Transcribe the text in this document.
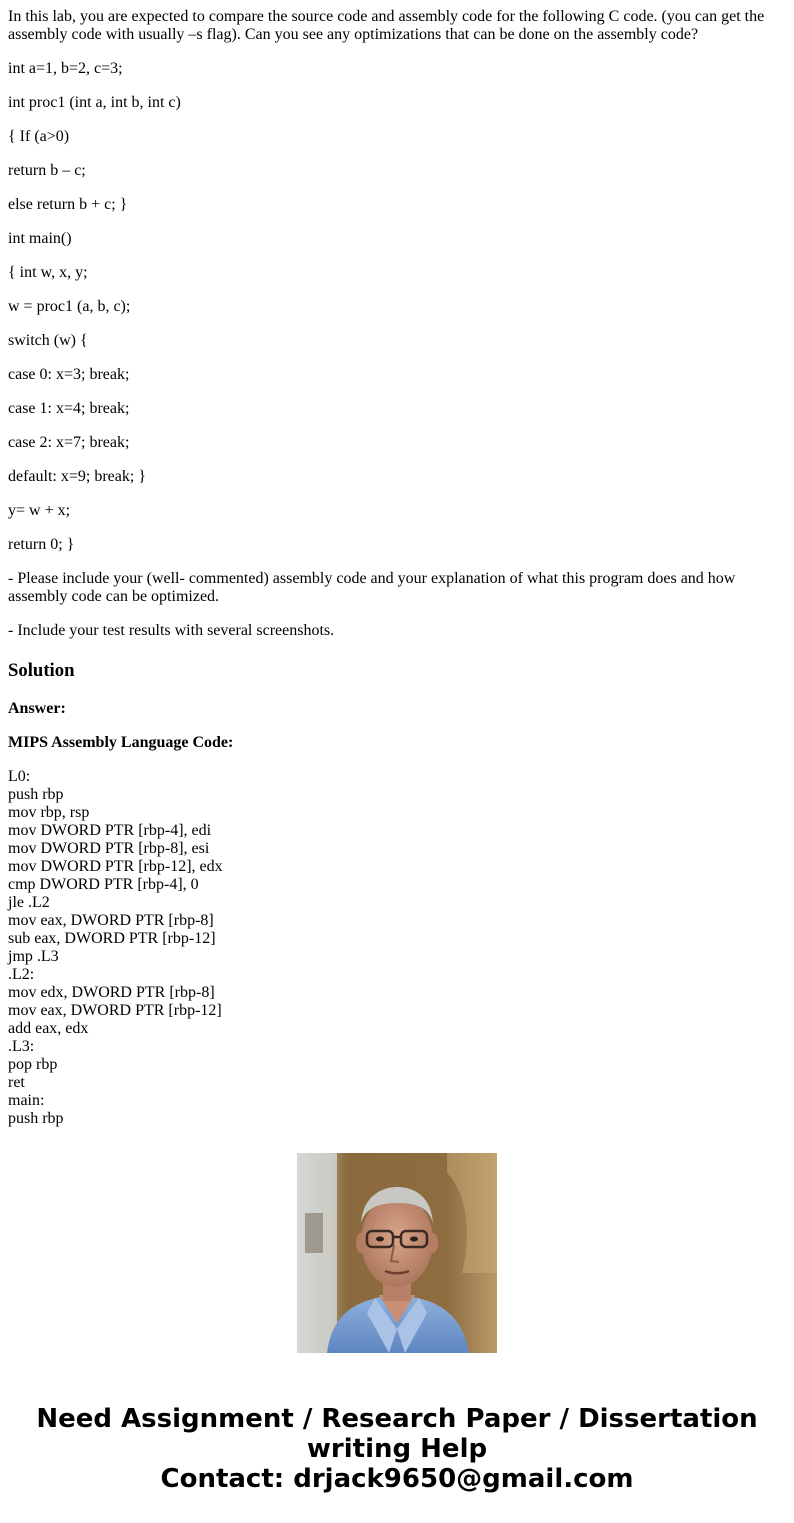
In this lab, you are expected to compare the source code and assembly code for the following C code. (you can get the assembly code with usually –s flag). Can you see any optimizations that can be done on the assembly code?

int a=1, b=2, c=3;

int proc1 (int a, int b, int c)

{ If (a>0)

return b – c;

else return b + c; }

int main()

{ int w, x, y;

w = proc1 (a, b, c);

switch (w) {

case 0: x=3; break;

case 1: x=4; break;

case 2: x=7; break;

default: x=9; break; }

y= w + x;

return 0; }

- Please include your (well- commented) assembly code and your explanation of what this program does and how assembly code can be optimized.

- Include your test results with several screenshots.

Solution

Answer:

MIPS Assembly Language Code:

L0:
push rbp
mov rbp, rsp
mov DWORD PTR [rbp-4], edi
mov DWORD PTR [rbp-8], esi
mov DWORD PTR [rbp-12], edx
cmp DWORD PTR [rbp-4], 0
jle .L2
mov eax, DWORD PTR [rbp-8]
sub eax, DWORD PTR [rbp-12]
jmp .L3
.L2:
mov edx, DWORD PTR [rbp-8]
mov eax, DWORD PTR [rbp-12]
add eax, edx
.L3:
pop rbp
ret
main:
push rbp
Need Assignment / Research Paper / Dissertation
writing Help
Contact: drjack9650@gmail.com
